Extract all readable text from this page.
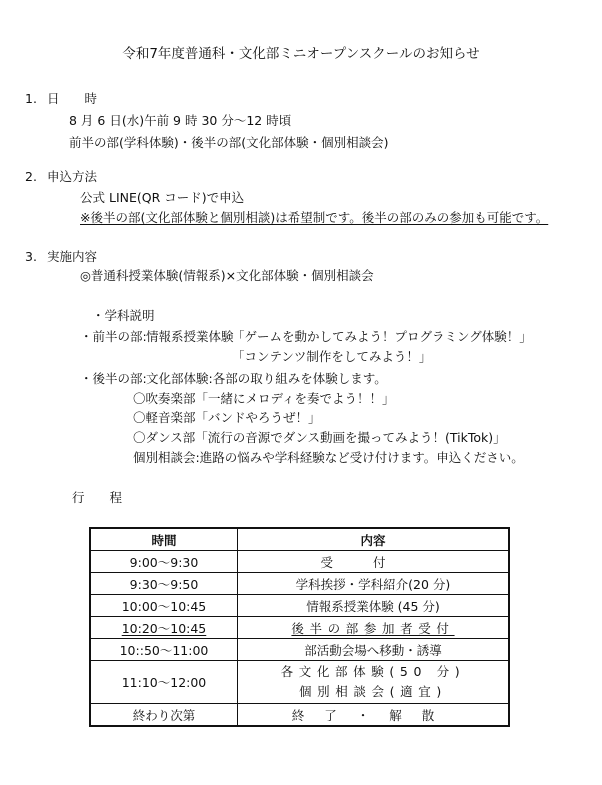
令和7年度普通科・文化部ミニオープンスクールのお知らせ
1. 日　　時
8 月 6 日(水)午前 9 時 30 分～12 時頃
前半の部(学科体験)・後半の部(文化部体験・個別相談会)
2. 申込方法
公式 LINE(QR コード)で申込
※後半の部(文化部体験と個別相談)は希望制です。後半の部のみの参加も可能です。
3. 実施内容
◎普通科授業体験(情報系)×文化部体験・個別相談会
・学科説明
・前半の部: 情報系授業体験
「ゲームを動かしてみよう！プログラミング体験！」
「コンテンツ制作をしてみよう！」
・後半の部: 文化部体験:各部の取り組みを体験します。
〇吹奏楽部「一緒にメロディを奏でよう！！」
〇軽音楽部「バンドやろうぜ！」
〇ダンス部「流行の音源でダンス動画を撮ってみよう！(TikTok)」
個別相談会:進路の悩みや学科経験など受け付けます。申込ください。
行　　程
時間	内容
9:00～9:30	受付
9:30～9:50	学科挨拶・学科紹介(20 分)
10:00～10:45	情報系授業体験 (45 分)
10:20～10:45	後半の部参加者受付
10::50～11:00	部活動会場へ移動・誘導
11:10～12:00	各文化部体験(50 分)
個別相談会(適宜)

終わり次第	終了・解散
